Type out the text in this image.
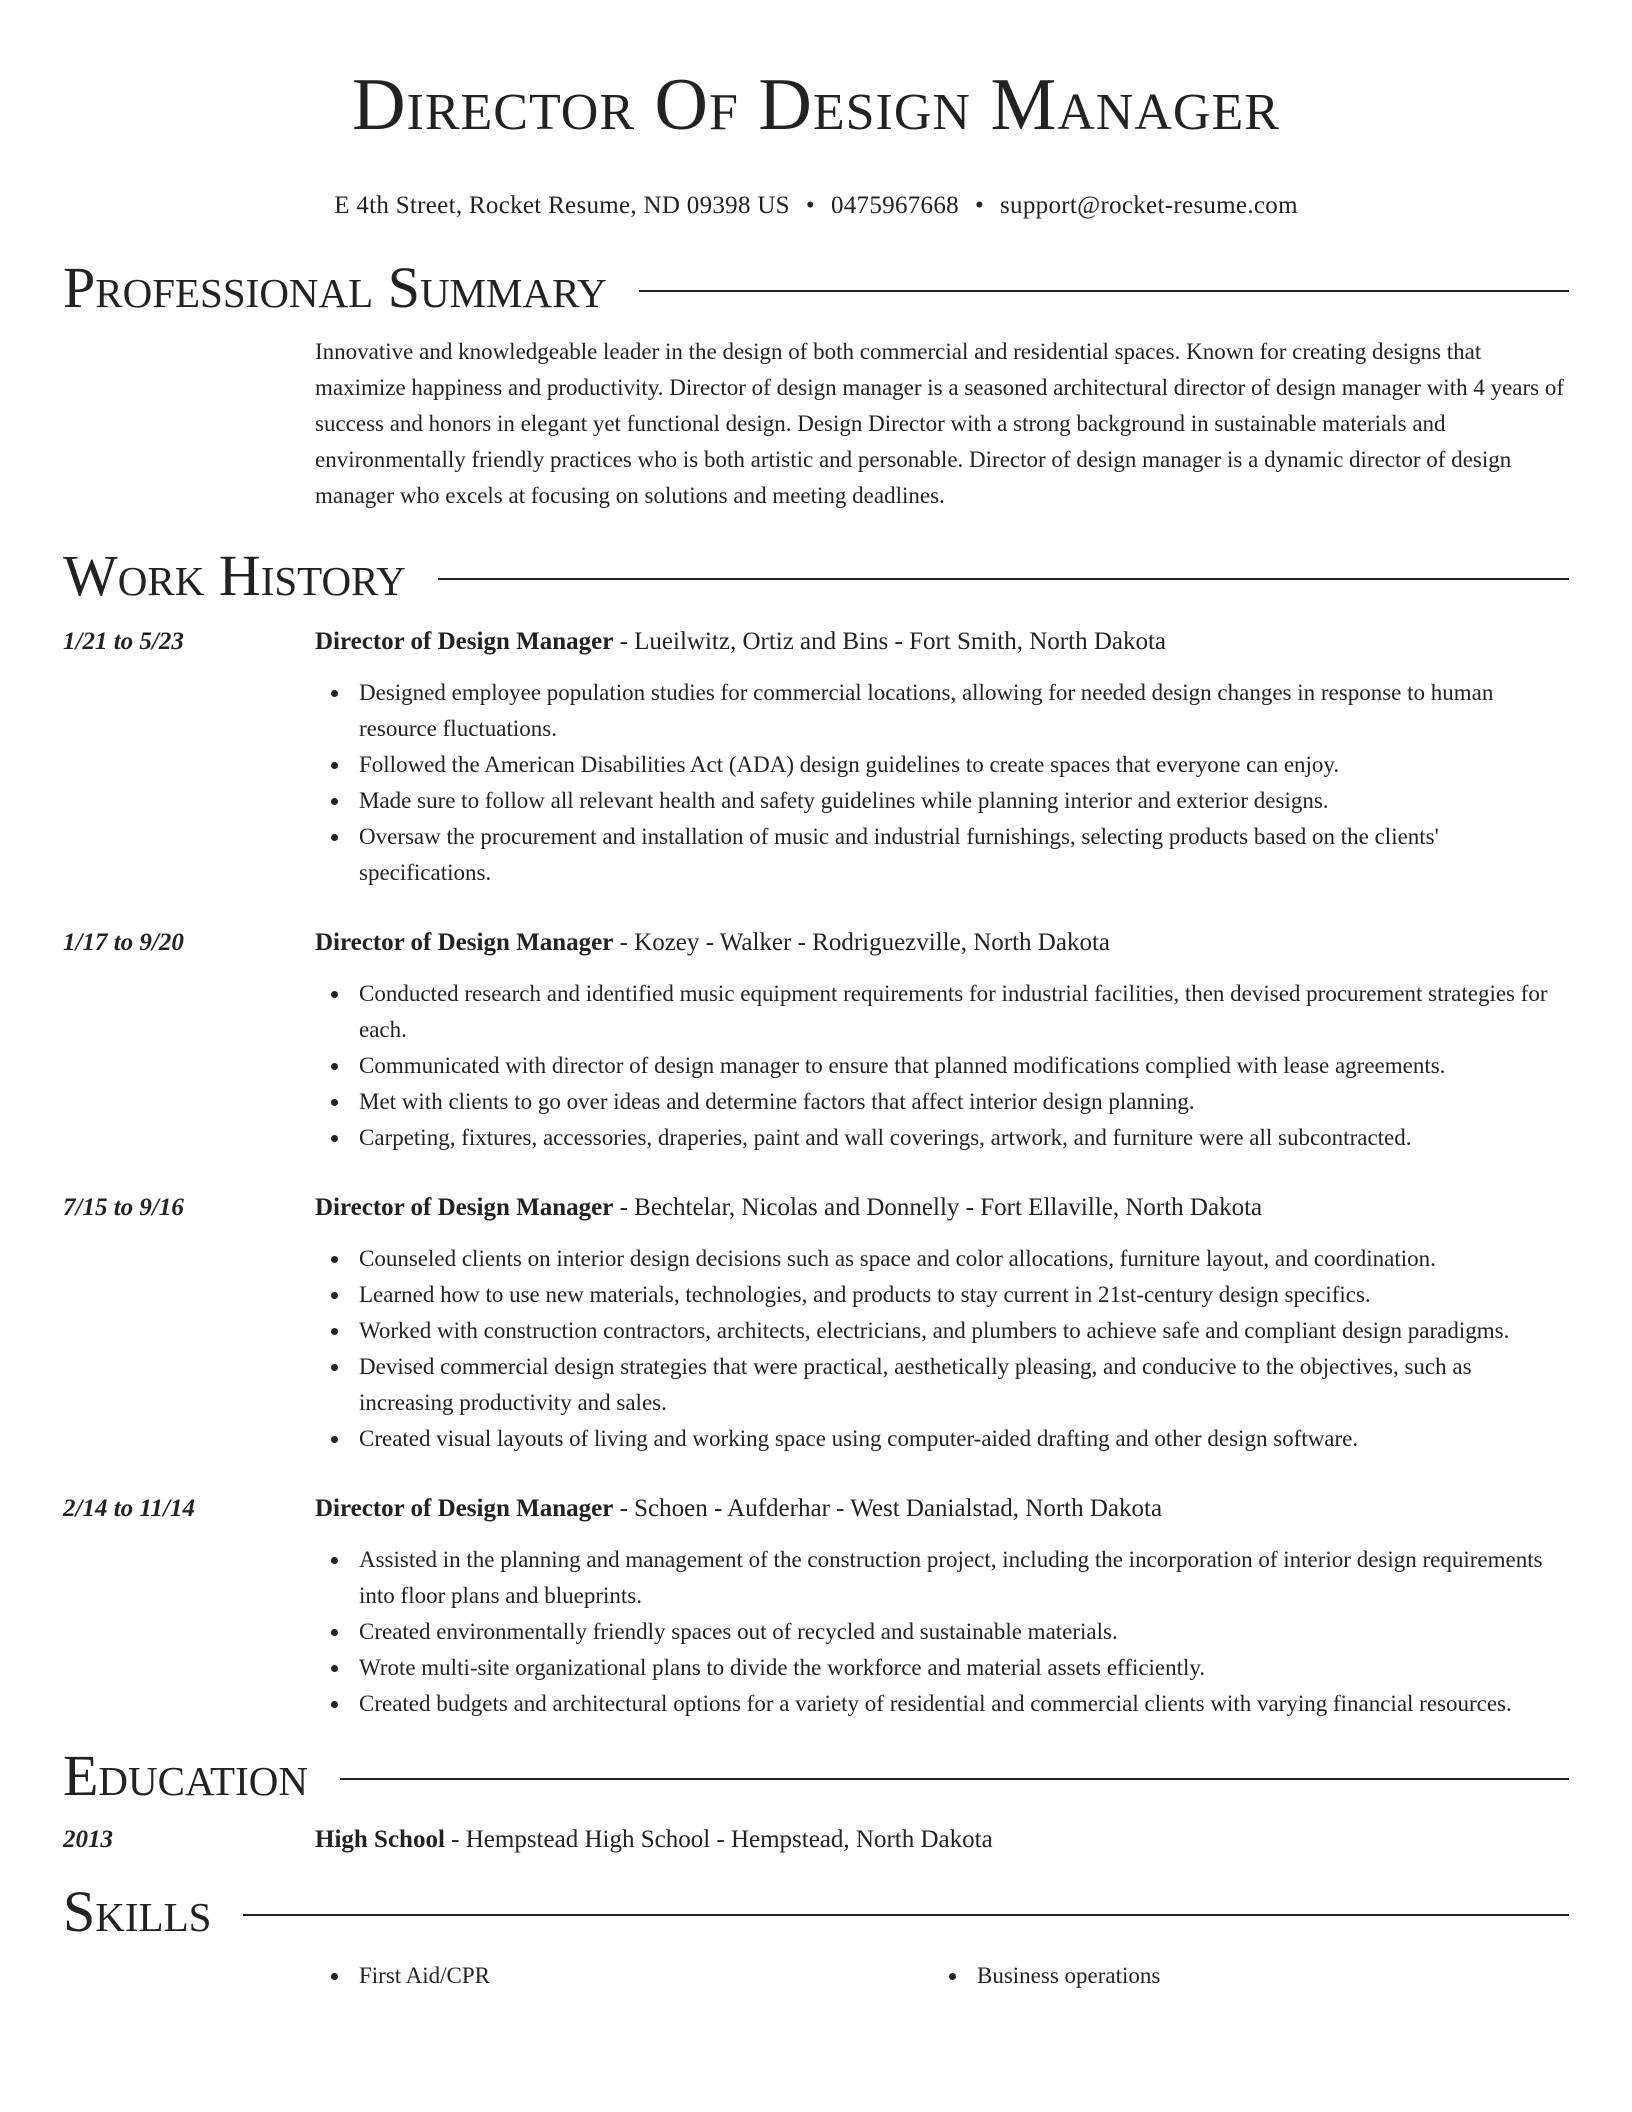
Director Of Design Manager
E 4th Street, Rocket Resume, ND 09398 US • 0475967668 • support@rocket-resume.com
Professional Summary

Innovative and knowledgeable leader in the design of both commercial and residential spaces. Known for creating designs that maximize happiness and productivity. Director of design manager is a seasoned architectural director of design manager with 4 years of success and honors in elegant yet functional design. Design Director with a strong background in sustainable materials and environmentally friendly practices who is both artistic and personable. Director of design manager is a dynamic director of design manager who excels at focusing on solutions and meeting deadlines.

Work History
1/21 to 5/23	Director of Design Manager - Lueilwitz, Ortiz and Bins - Fort Smith, North Dakota
Designed employee population studies for commercial locations, allowing for needed design changes in response to human resource fluctuations.
Followed the American Disabilities Act (ADA) design guidelines to create spaces that everyone can enjoy.
Made sure to follow all relevant health and safety guidelines while planning interior and exterior designs.
Oversaw the procurement and installation of music and industrial furnishings, selecting products based on the clients' specifications.
1/17 to 9/20	Director of Design Manager - Kozey - Walker - Rodriguezville, North Dakota
Conducted research and identified music equipment requirements for industrial facilities, then devised procurement strategies for each.
Communicated with director of design manager to ensure that planned modifications complied with lease agreements.
Met with clients to go over ideas and determine factors that affect interior design planning.
Carpeting, fixtures, accessories, draperies, paint and wall coverings, artwork, and furniture were all subcontracted.
7/15 to 9/16	Director of Design Manager - Bechtelar, Nicolas and Donnelly - Fort Ellaville, North Dakota
Counseled clients on interior design decisions such as space and color allocations, furniture layout, and coordination.
Learned how to use new materials, technologies, and products to stay current in 21st-century design specifics.
Worked with construction contractors, architects, electricians, and plumbers to achieve safe and compliant design paradigms.
Devised commercial design strategies that were practical, aesthetically pleasing, and conducive to the objectives, such as increasing productivity and sales.
Created visual layouts of living and working space using computer-aided drafting and other design software.
2/14 to 11/14	Director of Design Manager - Schoen - Aufderhar - West Danialstad, North Dakota
Assisted in the planning and management of the construction project, including the incorporation of interior design requirements into floor plans and blueprints.
Created environmentally friendly spaces out of recycled and sustainable materials.
Wrote multi-site organizational plans to divide the workforce and material assets efficiently.
Created budgets and architectural options for a variety of residential and commercial clients with varying financial resources.
Education
2013	High School - Hempstead High School - Hempstead, North Dakota
Skills
First Aid/CPR	Business operations
